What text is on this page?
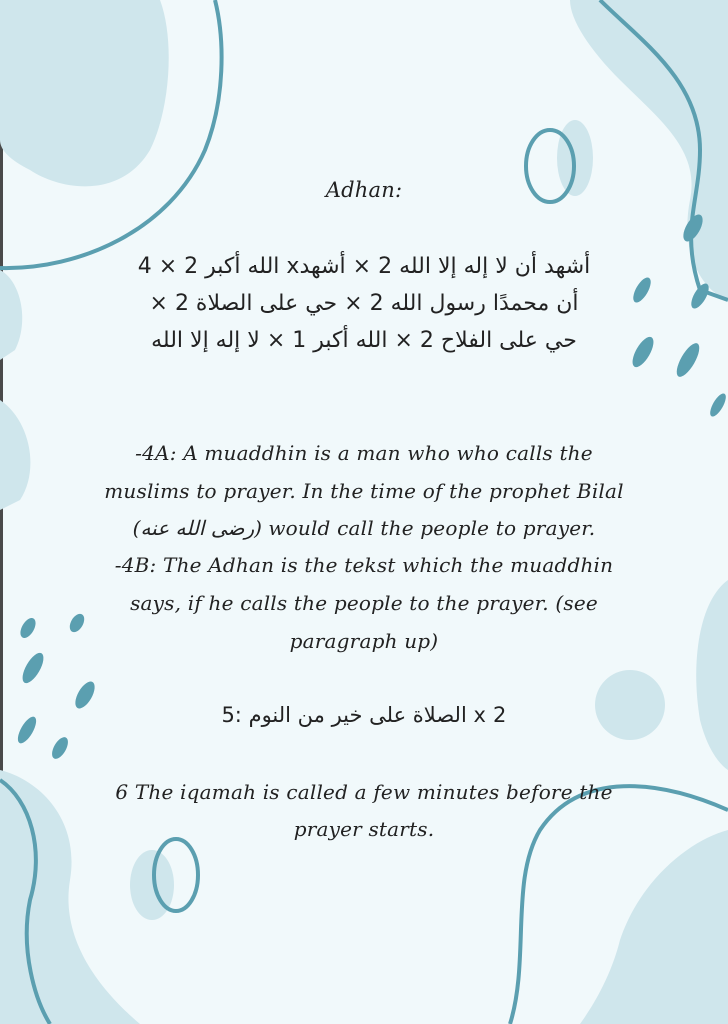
Adhan:
أشهد أن لا إله إلا الله 2 × أشهدx الله أكبر 2 × 4
أن محمدًا رسول الله 2 × حي على الصلاة 2 ×
حي على الفلاح 2 × الله أكبر 1 × لا إله إلا الله
-4A: A muaddhin is a man who who calls the
muslims to prayer. In the time of the prophet Bilal
(رضى الله عنه) would call the people to prayer.
-4B: The Adhan is the tekst which the muaddhin
says, if he calls the people to the prayer. (see
paragraph up)
5: الصلاة على خير من النوم x 2
6 The iqamah is called a few minutes before the
prayer starts.
